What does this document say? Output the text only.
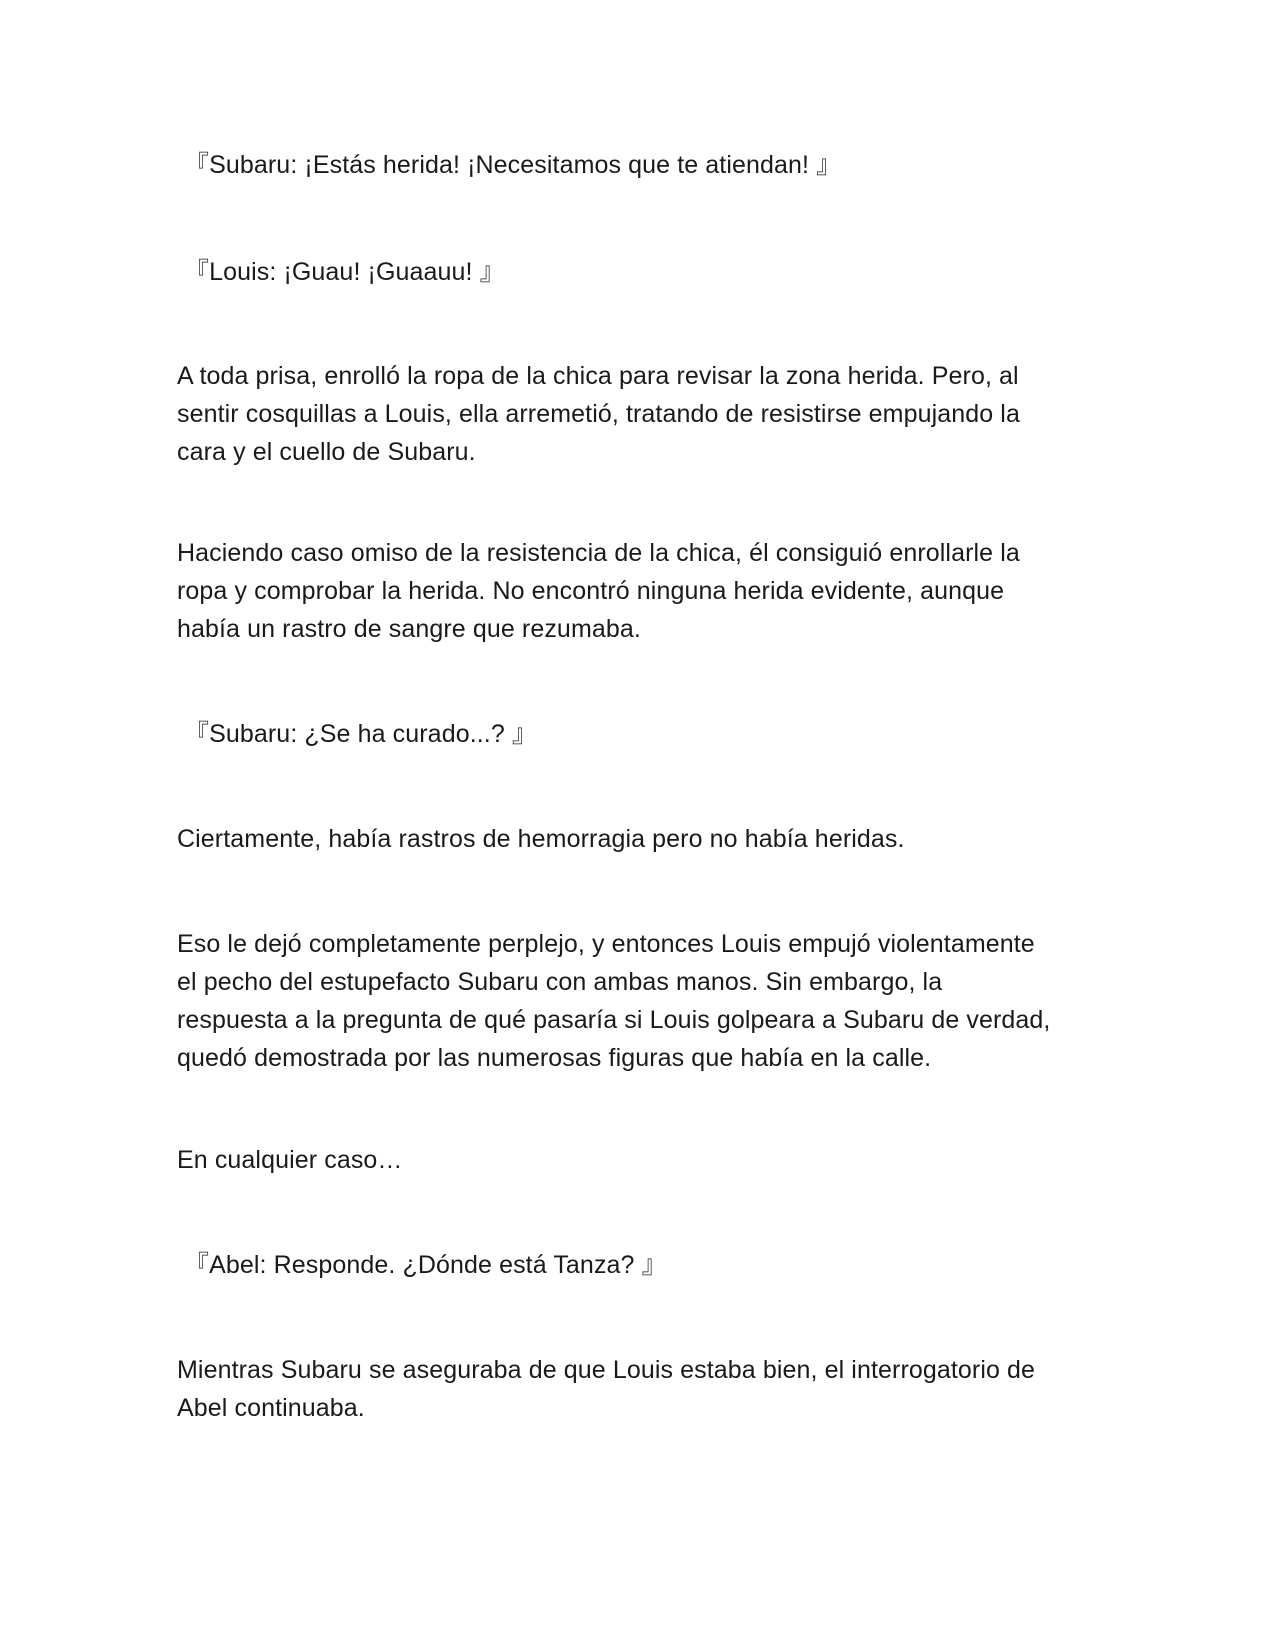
『Subaru: ¡Estás herida! ¡Necesitamos que te atiendan! 』

『Louis: ¡Guau! ¡Guaauu! 』

A toda prisa, enrolló la ropa de la chica para revisar la zona herida. Pero, al
sentir cosquillas a Louis, ella arremetió, tratando de resistirse empujando la
cara y el cuello de Subaru.

Haciendo caso omiso de la resistencia de la chica, él consiguió enrollarle la
ropa y comprobar la herida. No encontró ninguna herida evidente, aunque
había un rastro de sangre que rezumaba.

『Subaru: ¿Se ha curado...? 』

Ciertamente, había rastros de hemorragia pero no había heridas.

Eso le dejó completamente perplejo, y entonces Louis empujó violentamente
el pecho del estupefacto Subaru con ambas manos. Sin embargo, la
respuesta a la pregunta de qué pasaría si Louis golpeara a Subaru de verdad,
quedó demostrada por las numerosas figuras que había en la calle.

En cualquier caso…

『Abel: Responde. ¿Dónde está Tanza? 』

Mientras Subaru se aseguraba de que Louis estaba bien, el interrogatorio de
Abel continuaba.
